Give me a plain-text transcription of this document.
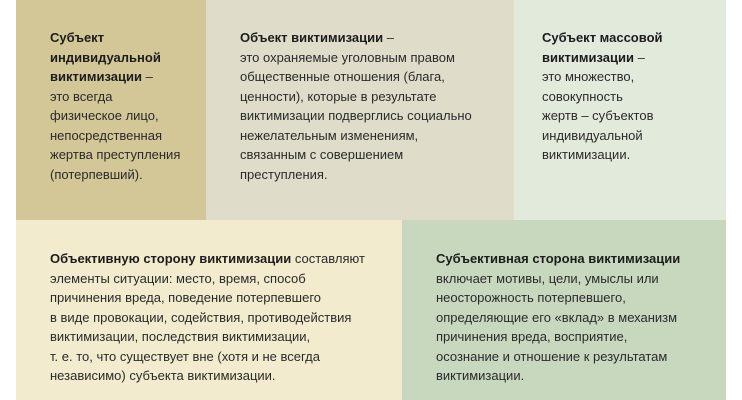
Субъект
индивидуальной
виктимизации –
это всегда
физическое лицо,
непосредственная
жертва преступления
(потерпевший).
Объект виктимизации –
это охраняемые уголовным правом
общественные отношения (блага,
ценности), которые в результате
виктимизации подверглись социально
нежелательным изменениям,
связанным с совершением
преступления.
Субъект массовой
виктимизации –
это множество,
совокупность
жертв – субъектов
индивидуальной
виктимизации.
Объективную сторону виктимизации составляют
элементы ситуации: место, время, способ
причинения вреда, поведение потерпевшего
в виде провокации, содействия, противодействия
виктимизации, последствия виктимизации,
т. е. то, что существует вне (хотя и не всегда
независимо) субъекта виктимизации.
Субъективная сторона виктимизации
включает мотивы, цели, умыслы или
неосторожность потерпевшего,
определяющие его «вклад» в механизм
причинения вреда, восприятие,
осознание и отношение к результатам
виктимизации.
